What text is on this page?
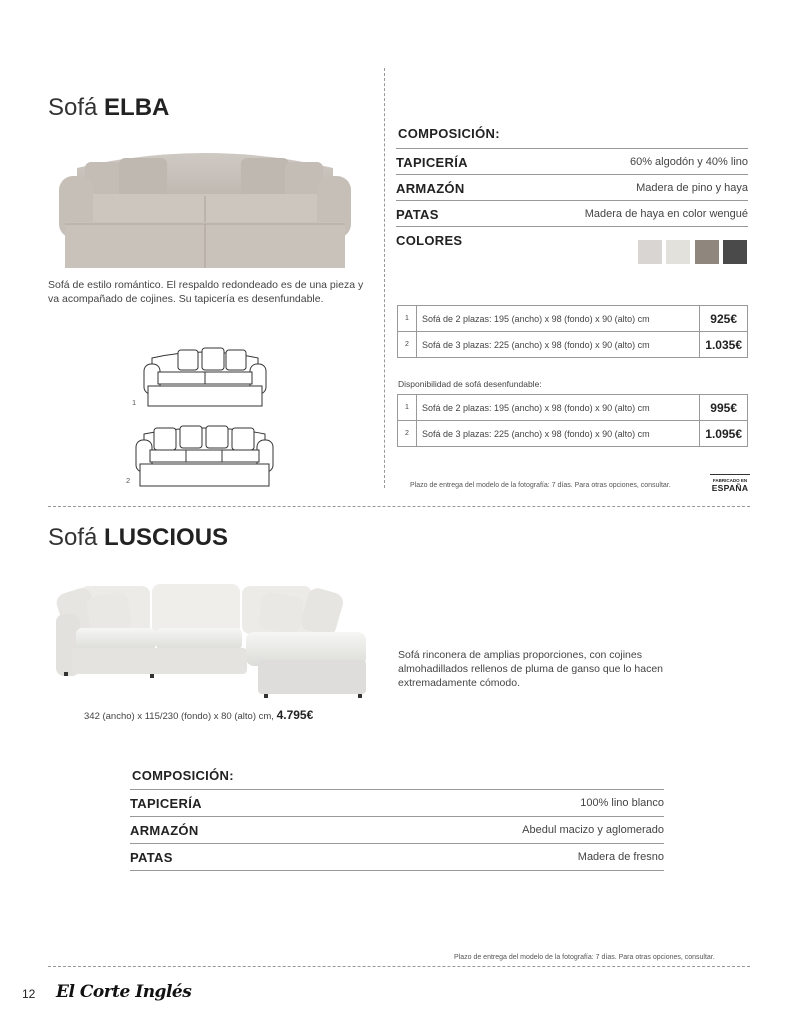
Sofá ELBA
Sofá de estilo romántico. El respaldo redondeado es de una pieza y va acompañado de cojines. Su tapicería es desenfundable.
1
2
COMPOSICIÓN:
TAPICERÍA	60% algodón y 40% lino
ARMAZÓN	Madera de pino y haya
PATAS	Madera de haya en color wengué
COLORES
1	Sofá de 2 plazas: 195 (ancho) x 98 (fondo) x 90 (alto) cm	925€
2	Sofá de 3 plazas: 225 (ancho) x 98 (fondo) x 90 (alto) cm	1.035€
Disponibilidad de sofá desenfundable:
1	Sofá de 2 plazas: 195 (ancho) x 98 (fondo) x 90 (alto) cm	995€
2	Sofá de 3 plazas: 225 (ancho) x 98 (fondo) x 90 (alto) cm	1.095€
Plazo de entrega del modelo de la fotografía: 7 días. Para otras opciones, consultar.
FABRICADO EN
ESPAÑA
Sofá LUSCIOUS
Sofá rinconera de amplias proporciones, con cojines almohadillados rellenos de pluma de ganso que lo hacen extremadamente cómodo.
342 (ancho) x 115/230 (fondo) x 80 (alto) cm, 4.795€
COMPOSICIÓN:
TAPICERÍA	100% lino blanco
ARMAZÓN	Abedul macizo y aglomerado
PATAS	Madera de fresno
Plazo de entrega del modelo de la fotografía: 7 días. Para otras opciones, consultar.
12 El Corte Inglés
